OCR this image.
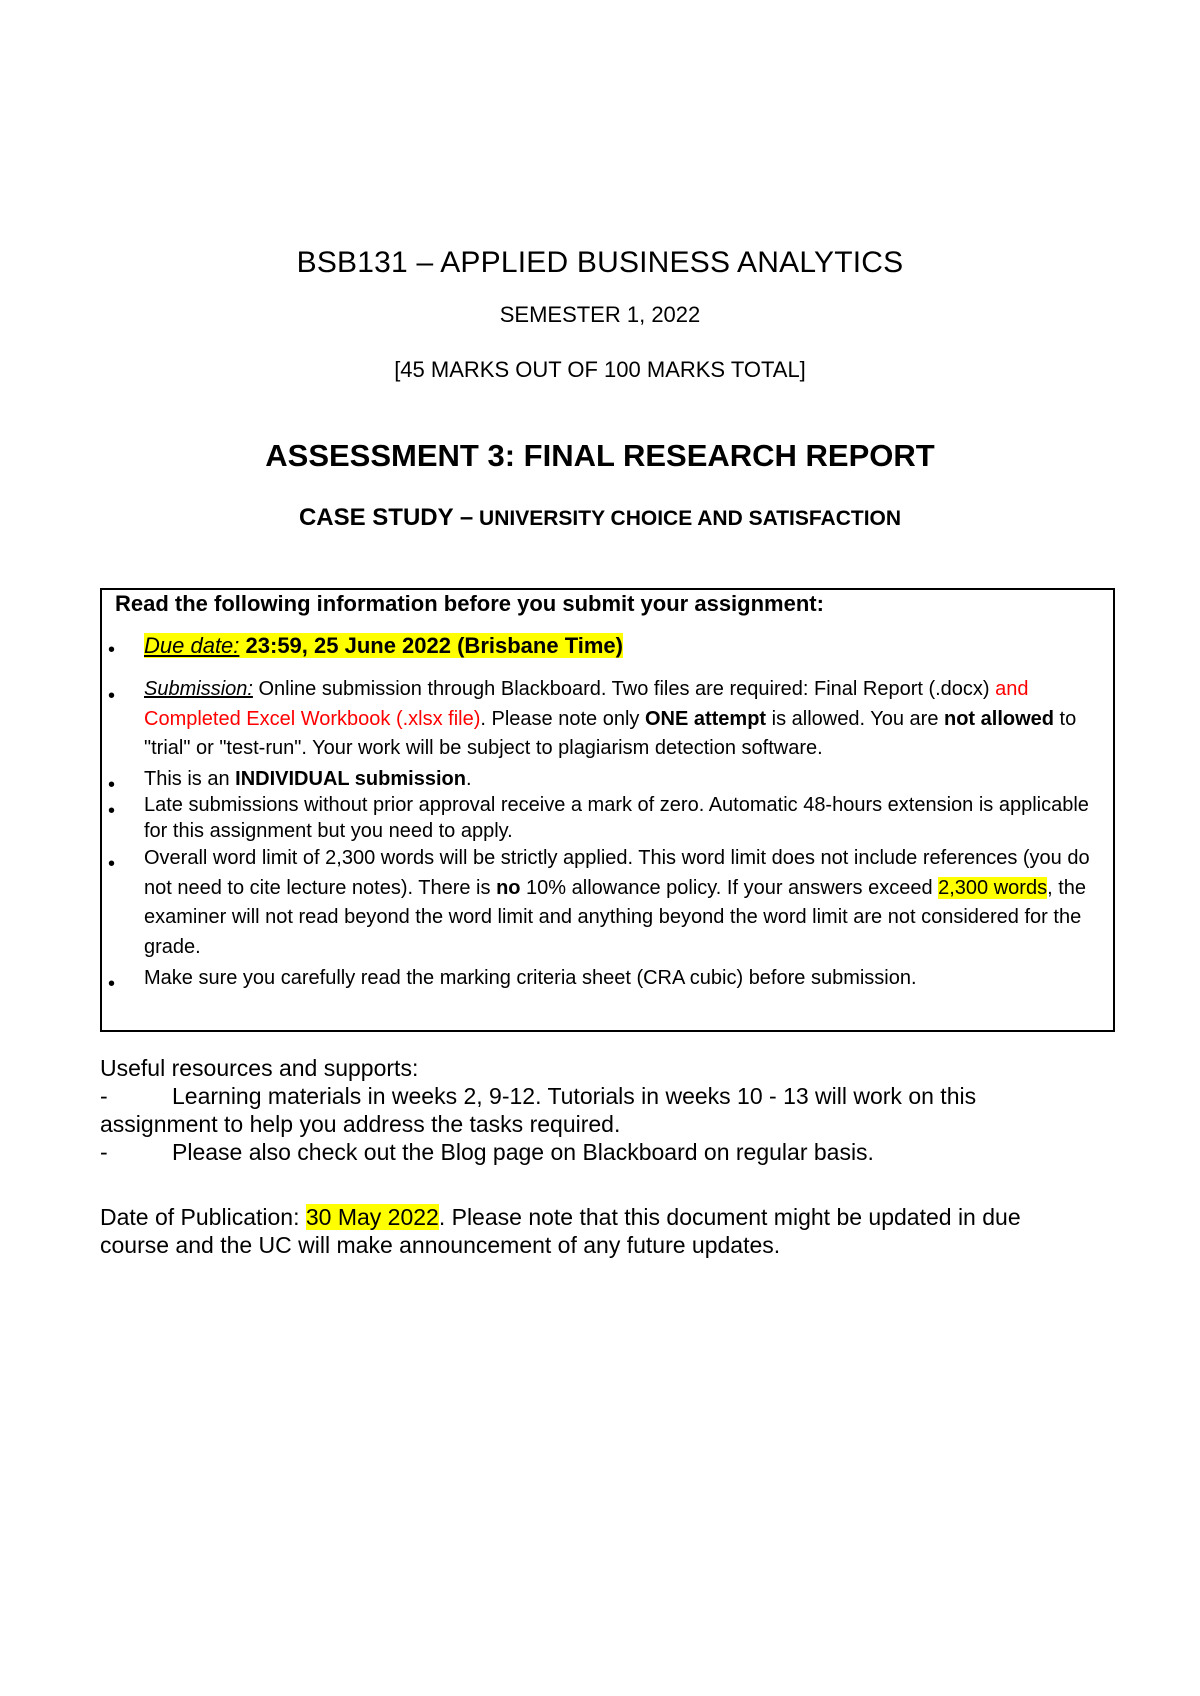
BSB131 – APPLIED BUSINESS ANALYTICS
SEMESTER 1, 2022
[45 MARKS OUT OF 100 MARKS TOTAL]
ASSESSMENT 3: FINAL RESEARCH REPORT
CASE STUDY – UNIVERSITY CHOICE AND SATISFACTION
Read the following information before you submit your assignment:
• Due date: 23:59, 25 June 2022 (Brisbane Time)
• Submission: Online submission through Blackboard. Two files are required: Final Report (.docx) and Completed Excel Workbook (.xlsx file). Please note only ONE attempt is allowed. You are not allowed to "trial" or "test-run". Your work will be subject to plagiarism detection software.
• This is an INDIVIDUAL submission.
• Late submissions without prior approval receive a mark of zero. Automatic 48-hours extension is applicable for this assignment but you need to apply.
• Overall word limit of 2,300 words will be strictly applied. This word limit does not include references (you do not need to cite lecture notes). There is no 10% allowance policy. If your answers exceed 2,300 words, the examiner will not read beyond the word limit and anything beyond the word limit are not considered for the grade.
• Make sure you carefully read the marking criteria sheet (CRA cubic) before submission.
Useful resources and supports:
-	Learning materials in weeks 2, 9-12. Tutorials in weeks 10 - 13 will work on this
assignment to help you address the tasks required.
-	Please also check out the Blog page on Blackboard on regular basis.
Date of Publication: 30 May 2022. Please note that this document might be updated in due
course and the UC will make announcement of any future updates.
